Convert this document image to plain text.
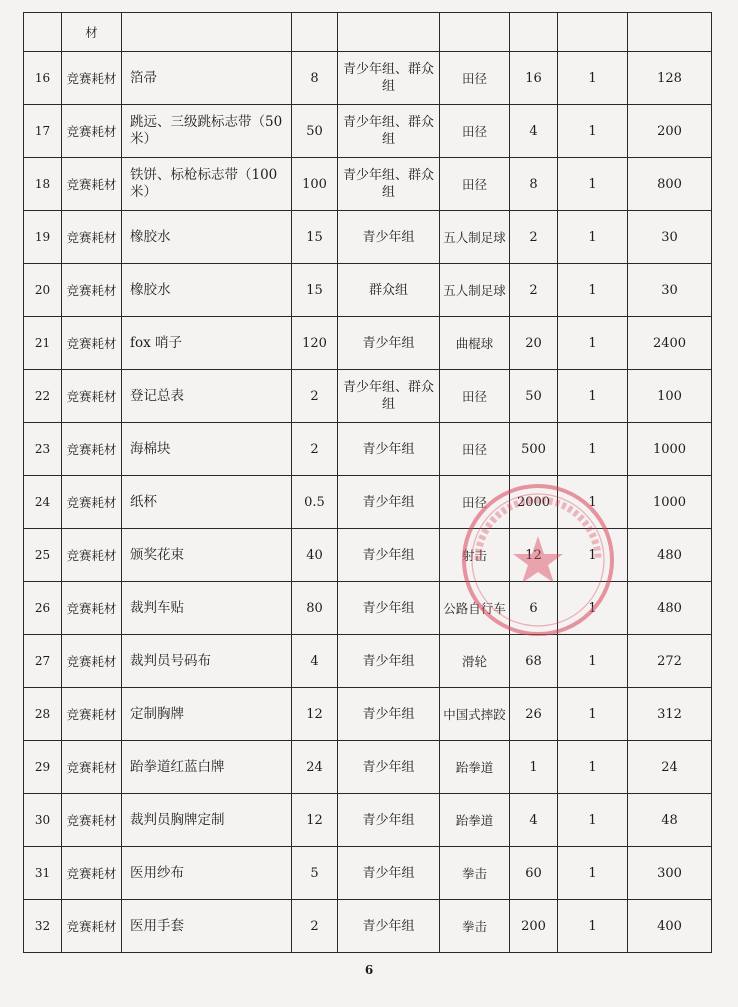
	材							
16	竞赛耗材	箔帚	8	青少年组、群众组	田径	16	1	128
17	竞赛耗材	跳远、三级跳标志带（50米）	50	青少年组、群众组	田径	4	1	200
18	竞赛耗材	铁饼、标枪标志带（100米）	100	青少年组、群众组	田径	8	1	800
19	竞赛耗材	橡胶水	15	青少年组	五人制足球	2	1	30
20	竞赛耗材	橡胶水	15	群众组	五人制足球	2	1	30
21	竞赛耗材	fox 哨子	120	青少年组	曲棍球	20	1	2400
22	竞赛耗材	登记总表	2	青少年组、群众组	田径	50	1	100
23	竞赛耗材	海棉块	2	青少年组	田径	500	1	1000
24	竞赛耗材	纸杯	0.5	青少年组	田径	2000	1	1000
25	竞赛耗材	颁奖花束	40	青少年组	射击	12	1	480
26	竞赛耗材	裁判车贴	80	青少年组	公路自行车	6	1	480
27	竞赛耗材	裁判员号码布	4	青少年组	滑轮	68	1	272
28	竞赛耗材	定制胸牌	12	青少年组	中国式摔跤	26	1	312
29	竞赛耗材	跆拳道红蓝白牌	24	青少年组	跆拳道	1	1	24
30	竞赛耗材	裁判员胸牌定制	12	青少年组	跆拳道	4	1	48
31	竞赛耗材	医用纱布	5	青少年组	拳击	60	1	300
32	竞赛耗材	医用手套	2	青少年组	拳击	200	1	400
6
